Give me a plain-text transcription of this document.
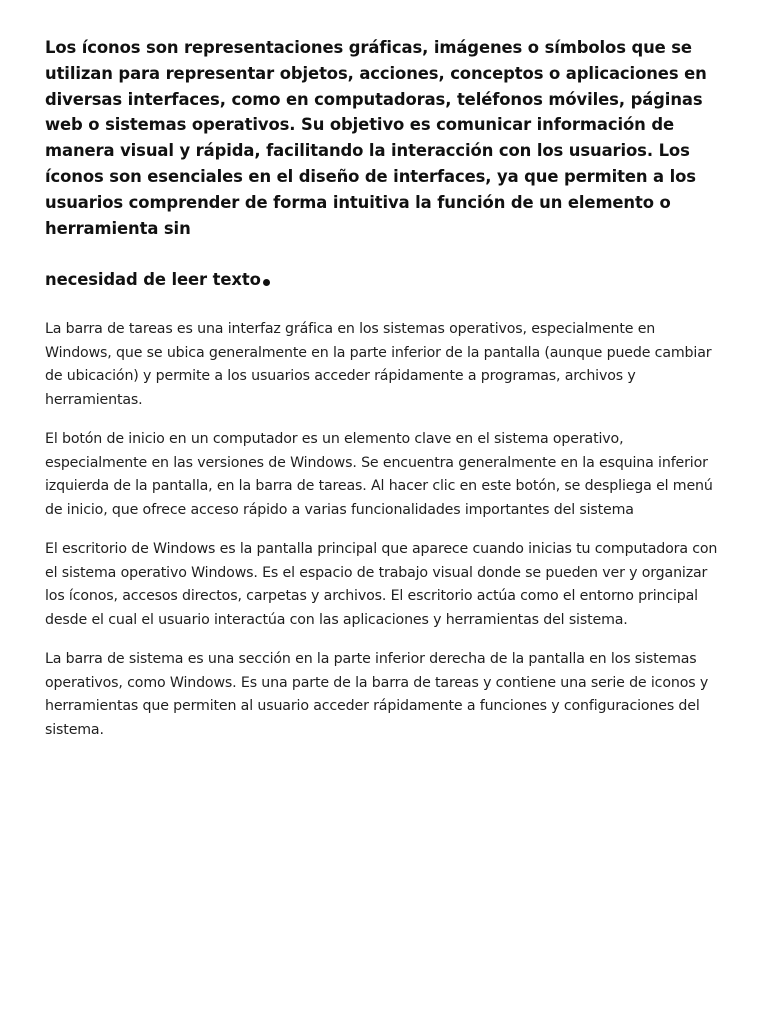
Los íconos son representaciones gráficas, imágenes o símbolos que se utilizan para representar objetos, acciones, conceptos o aplicaciones en diversas interfaces, como en computadoras, teléfonos móviles, páginas web o sistemas operativos. Su objetivo es comunicar información de manera visual y rápida, facilitando la interacción con los usuarios. Los íconos son esenciales en el diseño de interfaces, ya que permiten a los usuarios comprender de forma intuitiva la función de un elemento o herramienta sin

necesidad de leer texto

La barra de tareas es una interfaz gráfica en los sistemas operativos, especialmente en Windows, que se ubica generalmente en la parte inferior de la pantalla (aunque puede cambiar de ubicación) y permite a los usuarios acceder rápidamente a programas, archivos y herramientas.

El botón de inicio en un computador es un elemento clave en el sistema operativo, especialmente en las versiones de Windows. Se encuentra generalmente en la esquina inferior izquierda de la pantalla, en la barra de tareas. Al hacer clic en este botón, se despliega el menú de inicio, que ofrece acceso rápido a varias funcionalidades importantes del sistema

El escritorio de Windows es la pantalla principal que aparece cuando inicias tu computadora con el sistema operativo Windows. Es el espacio de trabajo visual donde se pueden ver y organizar los íconos, accesos directos, carpetas y archivos. El escritorio actúa como el entorno principal desde el cual el usuario interactúa con las aplicaciones y herramientas del sistema.

La barra de sistema es una sección en la parte inferior derecha de la pantalla en los sistemas operativos, como Windows. Es una parte de la barra de tareas y contiene una serie de iconos y herramientas que permiten al usuario acceder rápidamente a funciones y configuraciones del sistema.
